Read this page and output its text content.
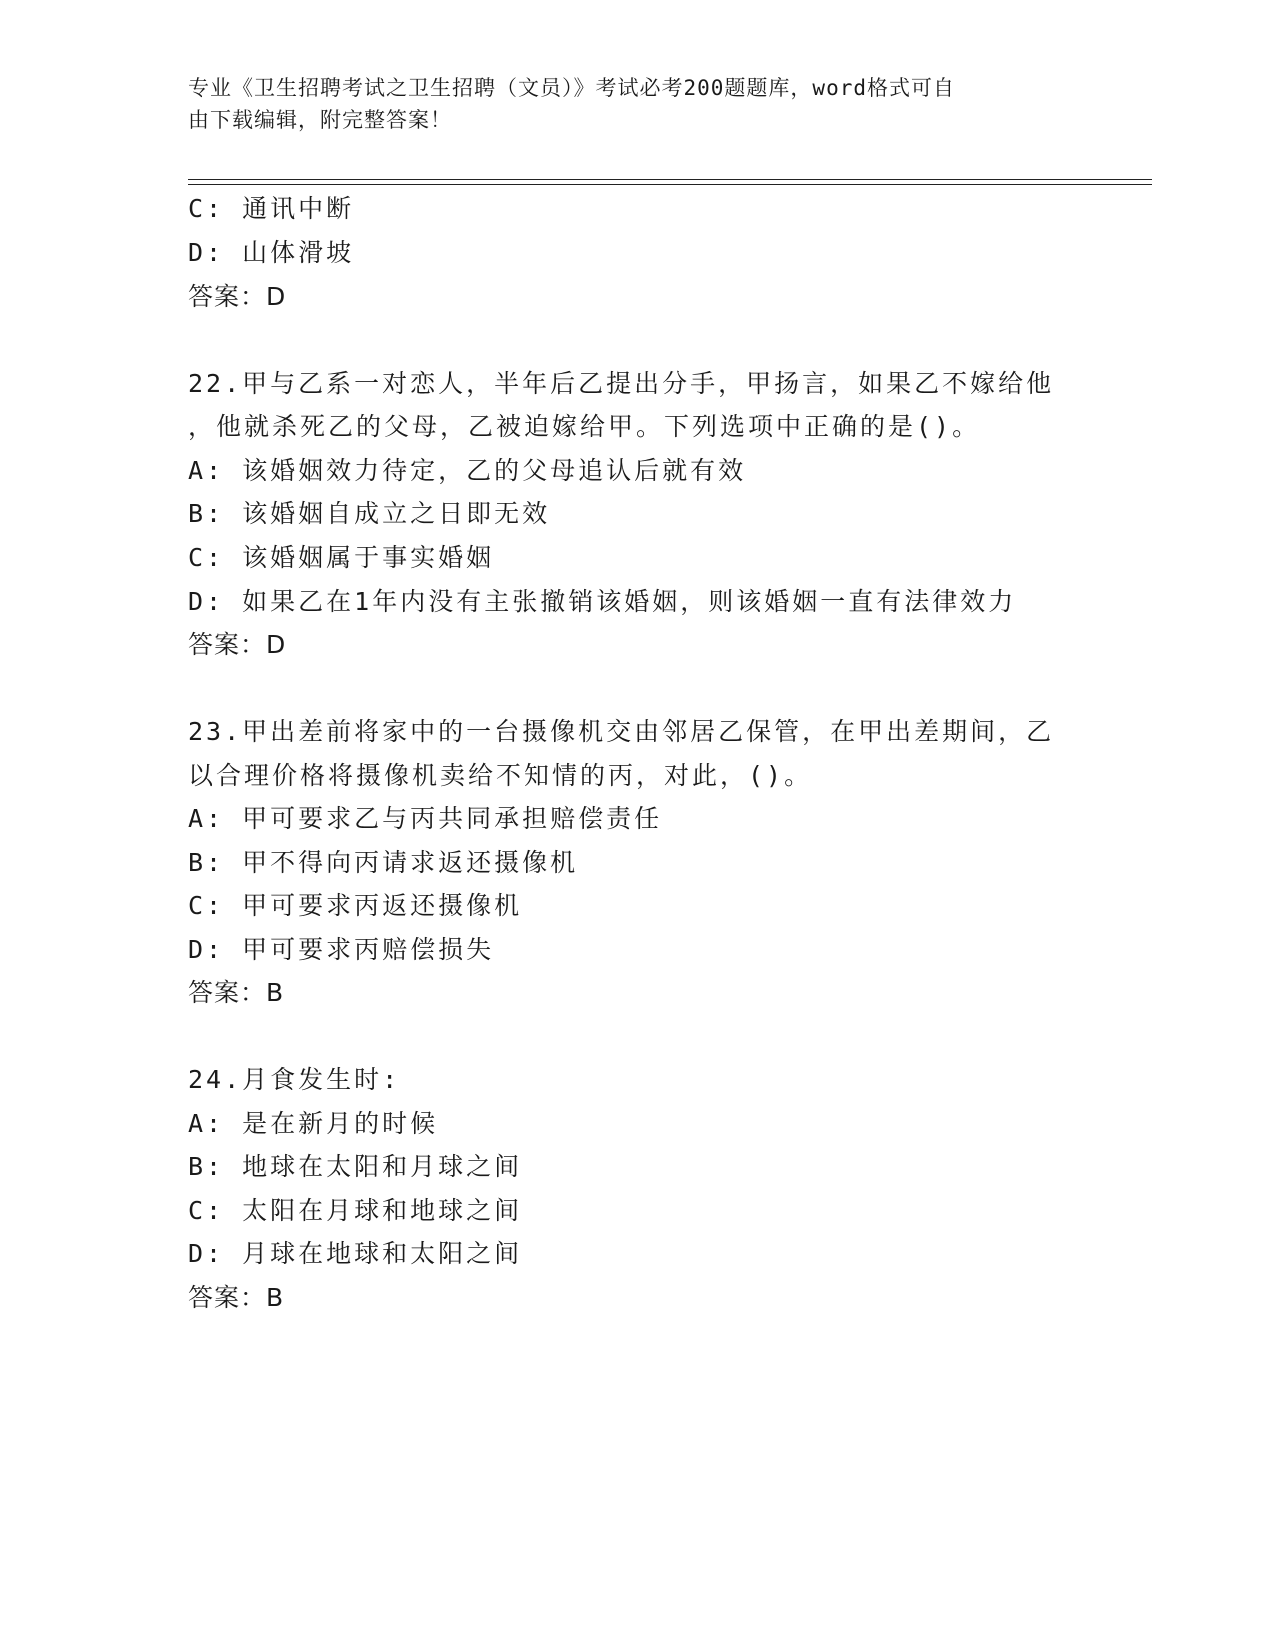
专业《卫生招聘考试之卫生招聘（文员）》考试必考200题题库，word格式可自
由下载编辑，附完整答案！
C: 通讯中断
D: 山体滑坡
答案：D
22.甲与乙系一对恋人，半年后乙提出分手，甲扬言，如果乙不嫁给他
，他就杀死乙的父母，乙被迫嫁给甲。下列选项中正确的是()。
A: 该婚姻效力待定，乙的父母追认后就有效
B: 该婚姻自成立之日即无效
C: 该婚姻属于事实婚姻
D: 如果乙在1年内没有主张撤销该婚姻，则该婚姻一直有法律效力
答案：D
23.甲出差前将家中的一台摄像机交由邻居乙保管，在甲出差期间，乙
以合理价格将摄像机卖给不知情的丙，对此，()。
A: 甲可要求乙与丙共同承担赔偿责任
B: 甲不得向丙请求返还摄像机
C: 甲可要求丙返还摄像机
D: 甲可要求丙赔偿损失
答案：B
24.月食发生时:
A: 是在新月的时候
B: 地球在太阳和月球之间
C: 太阳在月球和地球之间
D: 月球在地球和太阳之间
答案：B
